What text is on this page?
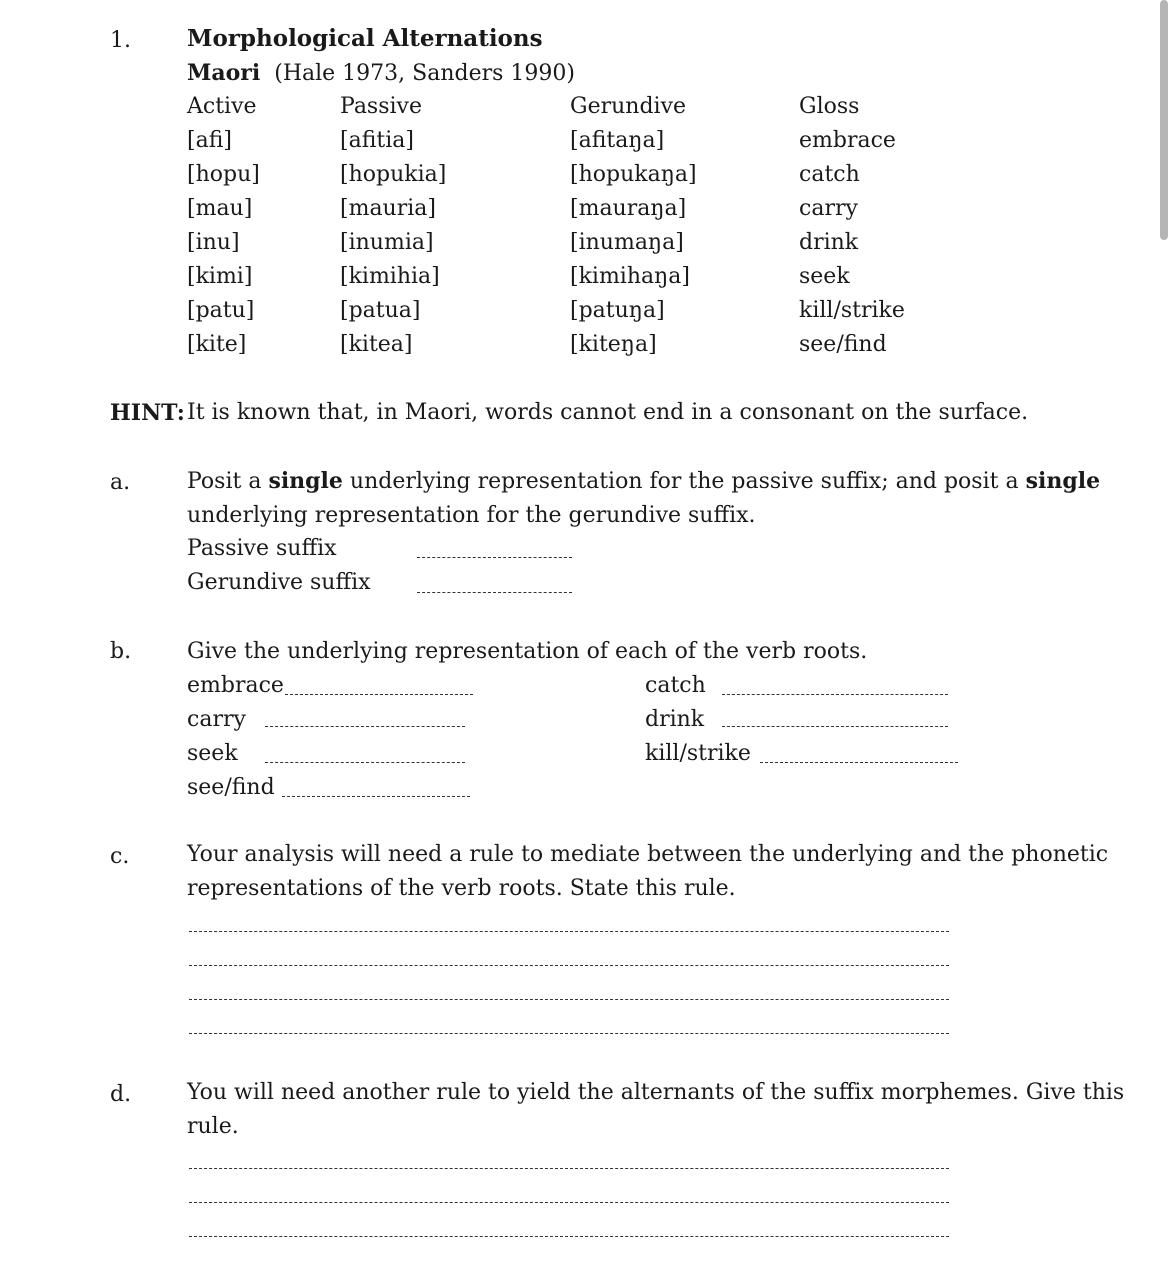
1. Morphological Alternations
Maori (Hale 1973, Sanders 1990)
Active	Passive	Gerundive	Gloss
[afi]	[afitia]	[afitaŋa]	embrace
[hopu]	[hopukia]	[hopukaŋa]	catch
[mau]	[mauria]	[mauraŋa]	carry
[inu]	[inumia]	[inumaŋa]	drink
[kimi]	[kimihia]	[kimihaŋa]	seek
[patu]	[patua]	[patuŋa]	kill/strike
[kite]	[kitea]	[kiteŋa]	see/find
HINT: It is known that, in Maori, words cannot end in a consonant on the surface.
a.	Posit a single underlying representation for the passive suffix; and posit a single
underlying representation for the gerundive suffix.
Passive suffix
Gerundive suffix
b.	Give the underlying representation of each of the verb roots.
embrace	catch
carry	drink
seek	kill/strike
see/find
c.	Your analysis will need a rule to mediate between the underlying and the phonetic
representations of the verb roots. State this rule.
d.	You will need another rule to yield the alternants of the suffix morphemes. Give this
rule.
